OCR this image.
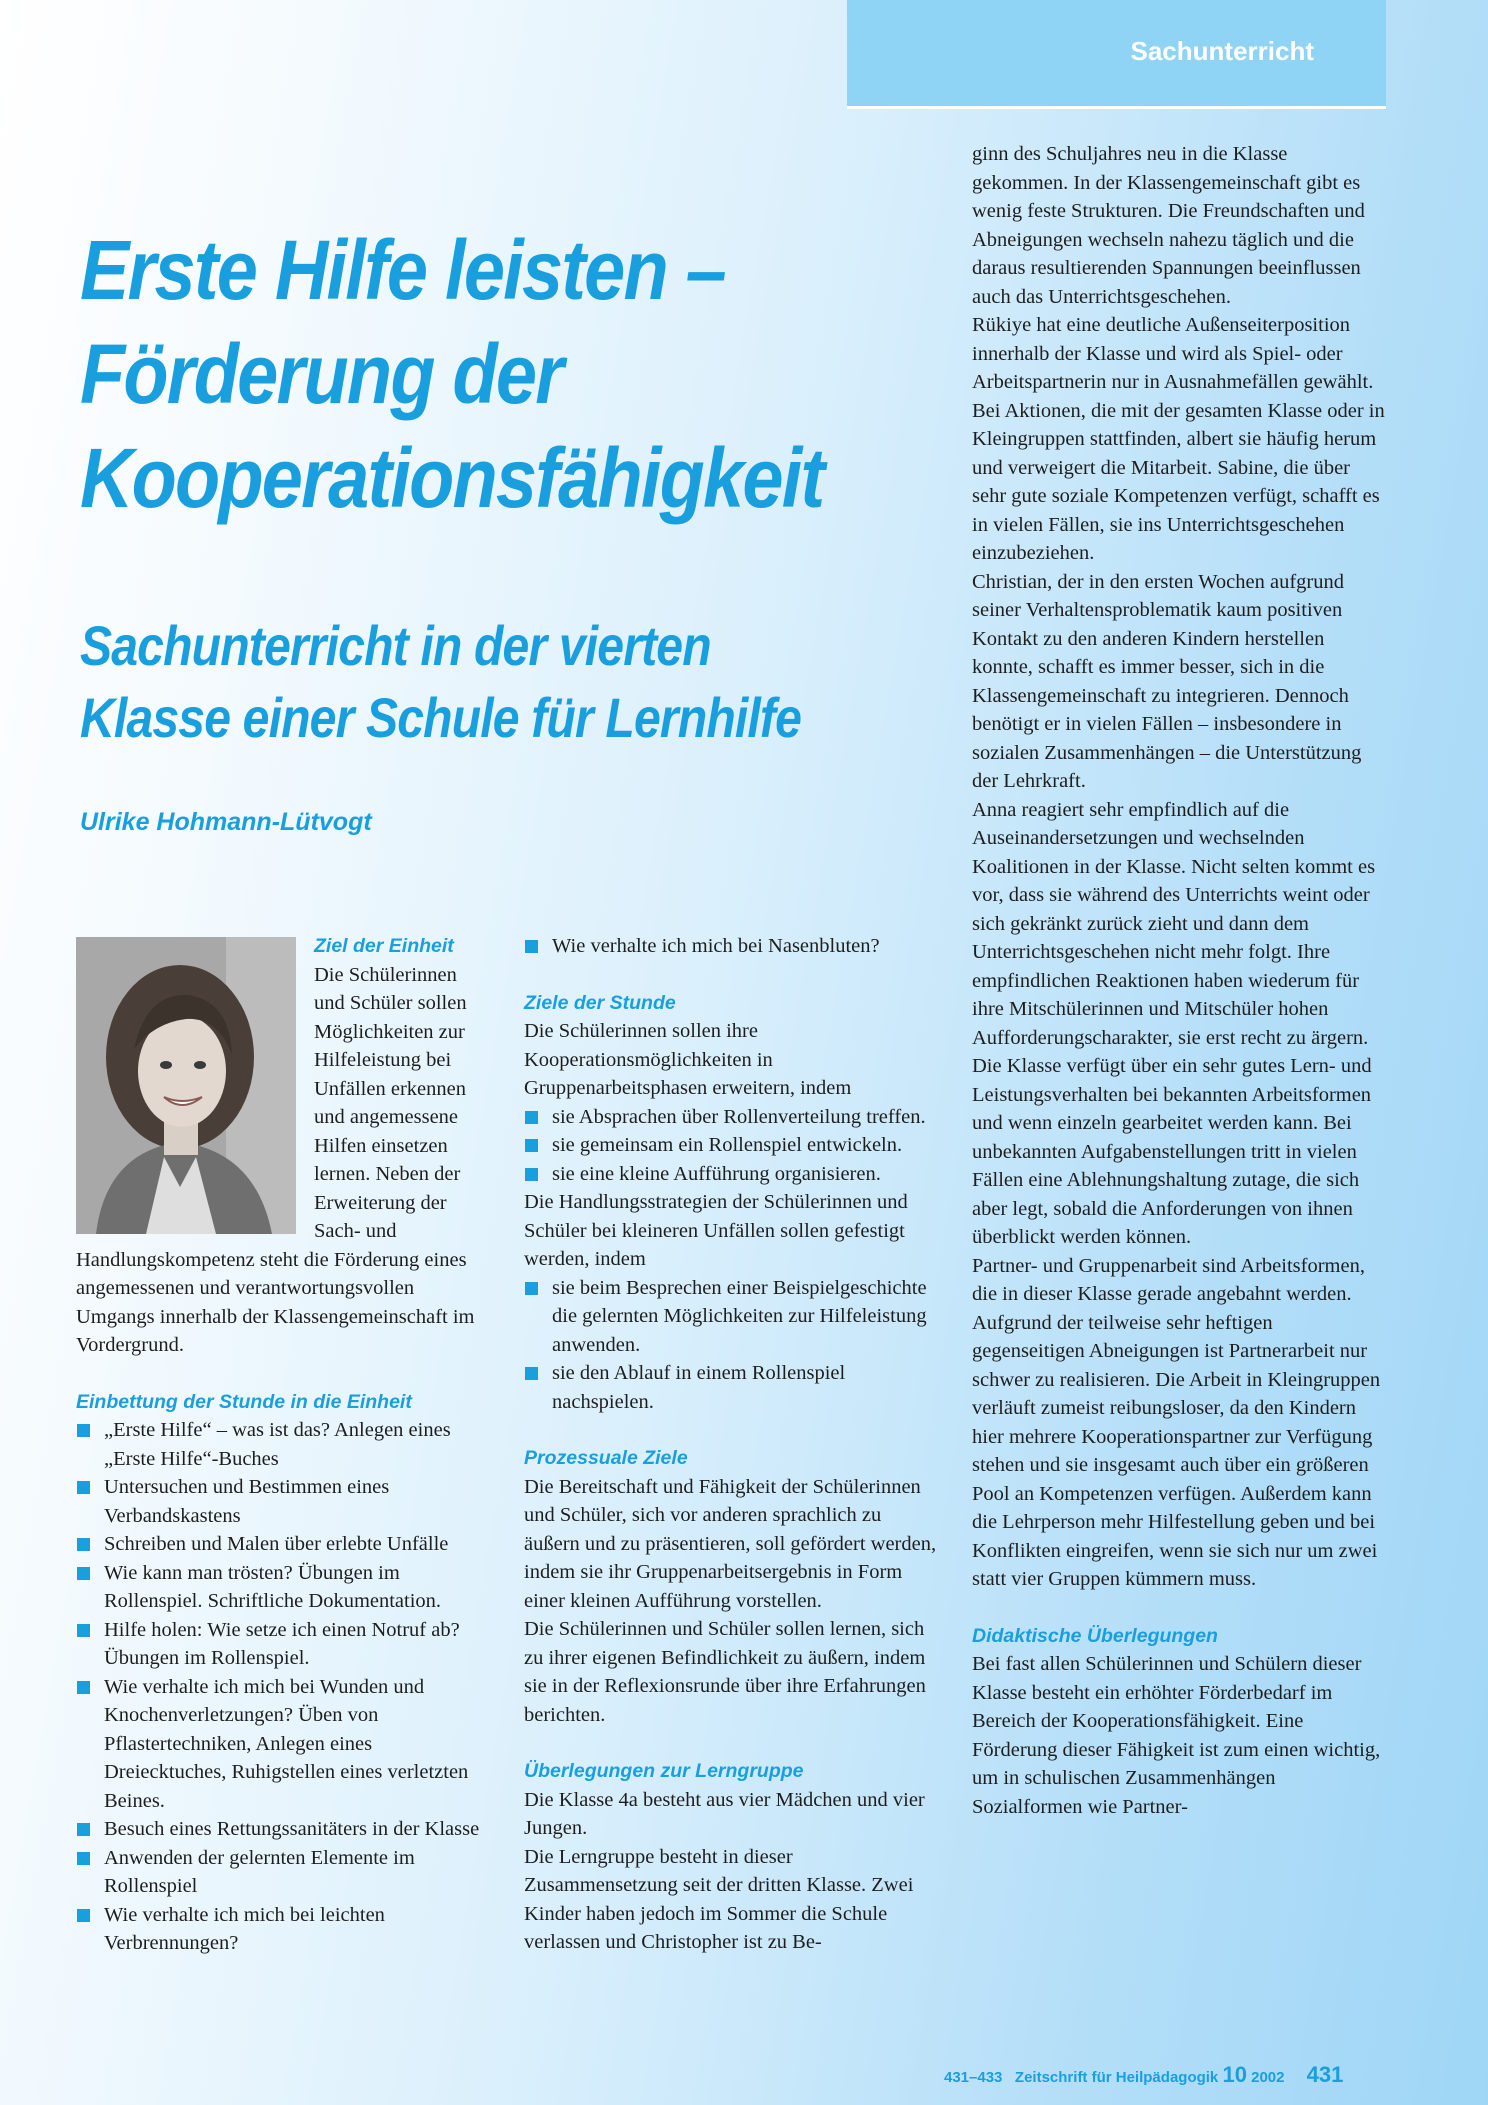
Sachunterricht
Erste Hilfe leisten –
Förderung der
Kooperationsfähigkeit
Sachunterricht in der vierten
Klasse einer Schule für Lernhilfe
Ulrike Hohmann-Lütvogt
Ziel der Einheit

Die Schülerinnen und Schüler sollen Möglichkeiten zur Hilfeleistung bei Unfällen erkennen und angemessene Hilfen einsetzen lernen. Neben der Erweiterung der Sach- und Handlungskompetenz steht die Förderung eines angemessenen und verantwortungsvollen Umgangs innerhalb der Klassengemeinschaft im Vordergrund.

Einbettung der Stunde in die Einheit
„Erste Hilfe“ – was ist das? Anlegen eines „Erste Hilfe“-Buches
Untersuchen und Bestimmen eines Verbandskastens
Schreiben und Malen über erlebte Unfälle
Wie kann man trösten? Übungen im Rollenspiel. Schriftliche Dokumentation.
Hilfe holen: Wie setze ich einen Notruf ab? Übungen im Rollenspiel.
Wie verhalte ich mich bei Wunden und Knochenverletzungen? Üben von Pflastertechniken, Anlegen eines Dreiecktuches, Ruhigstellen eines verletzten Beines.
Besuch eines Rettungssanitäters in der Klasse
Anwenden der gelernten Elemente im Rollenspiel
Wie verhalte ich mich bei leichten Verbrennungen?
Wie verhalte ich mich bei Nasenbluten?
Ziele der Stunde

Die Schülerinnen sollen ihre Kooperationsmöglichkeiten in Gruppenarbeitsphasen erweitern, indem

sie Absprachen über Rollenverteilung treffen.
sie gemeinsam ein Rollenspiel entwickeln.
sie eine kleine Aufführung organisieren.

Die Handlungsstrategien der Schülerinnen und Schüler bei kleineren Unfällen sollen gefestigt werden, indem

sie beim Besprechen einer Beispielgeschichte die gelernten Möglichkeiten zur Hilfeleistung anwenden.
sie den Ablauf in einem Rollenspiel nachspielen.
Prozessuale Ziele

Die Bereitschaft und Fähigkeit der Schülerinnen und Schüler, sich vor anderen sprachlich zu äußern und zu präsentieren, soll gefördert werden, indem sie ihr Gruppenarbeitsergebnis in Form einer kleinen Aufführung vorstellen.

Die Schülerinnen und Schüler sollen lernen, sich zu ihrer eigenen Befindlichkeit zu äußern, indem sie in der Reflexionsrunde über ihre Erfahrungen berichten.

Überlegungen zur Lerngruppe

Die Klasse 4a besteht aus vier Mädchen und vier Jungen.

Die Lerngruppe besteht in dieser Zusammensetzung seit der dritten Klasse. Zwei Kinder haben jedoch im Sommer die Schule verlassen und Christopher ist zu Be-

ginn des Schuljahres neu in die Klasse gekommen. In der Klassengemeinschaft gibt es wenig feste Strukturen. Die Freundschaften und Abneigungen wechseln nahezu täglich und die daraus resultierenden Spannungen beeinflussen auch das Unterrichtsgeschehen.

Rükiye hat eine deutliche Außenseiterposition innerhalb der Klasse und wird als Spiel- oder Arbeitspartnerin nur in Ausnahmefällen gewählt. Bei Aktionen, die mit der gesamten Klasse oder in Kleingruppen stattfinden, albert sie häufig herum und verweigert die Mitarbeit. Sabine, die über sehr gute soziale Kompetenzen verfügt, schafft es in vielen Fällen, sie ins Unterrichtsgeschehen einzubeziehen.

Christian, der in den ersten Wochen aufgrund seiner Verhaltensproblematik kaum positiven Kontakt zu den anderen Kindern herstellen konnte, schafft es immer besser, sich in die Klassengemeinschaft zu integrieren. Dennoch benötigt er in vielen Fällen – insbesondere in sozialen Zusammenhängen – die Unterstützung der Lehrkraft.

Anna reagiert sehr empfindlich auf die Auseinandersetzungen und wechselnden Koalitionen in der Klasse. Nicht selten kommt es vor, dass sie während des Unterrichts weint oder sich gekränkt zurück zieht und dann dem Unterrichtsgeschehen nicht mehr folgt. Ihre empfindlichen Reaktionen haben wiederum für ihre Mitschülerinnen und Mitschüler hohen Aufforderungscharakter, sie erst recht zu ärgern.

Die Klasse verfügt über ein sehr gutes Lern- und Leistungsverhalten bei bekannten Arbeitsformen und wenn einzeln gearbeitet werden kann. Bei unbekannten Aufgabenstellungen tritt in vielen Fällen eine Ablehnungshaltung zutage, die sich aber legt, sobald die Anforderungen von ihnen überblickt werden können.

Partner- und Gruppenarbeit sind Arbeitsformen, die in dieser Klasse gerade angebahnt werden. Aufgrund der teilweise sehr heftigen gegenseitigen Abneigungen ist Partnerarbeit nur schwer zu realisieren. Die Arbeit in Kleingruppen verläuft zumeist reibungsloser, da den Kindern hier mehrere Kooperationspartner zur Verfügung stehen und sie insgesamt auch über ein größeren Pool an Kompetenzen verfügen. Außerdem kann die Lehrperson mehr Hilfestellung geben und bei Konflikten eingreifen, wenn sie sich nur um zwei statt vier Gruppen kümmern muss.

Didaktische Überlegungen

Bei fast allen Schülerinnen und Schülern dieser Klasse besteht ein erhöhter Förderbedarf im Bereich der Kooperationsfähigkeit. Eine Förderung dieser Fähigkeit ist zum einen wichtig, um in schulischen Zusammenhängen Sozialformen wie Partner-

431–433 Zeitschrift für Heilpädagogik 10 2002 431
